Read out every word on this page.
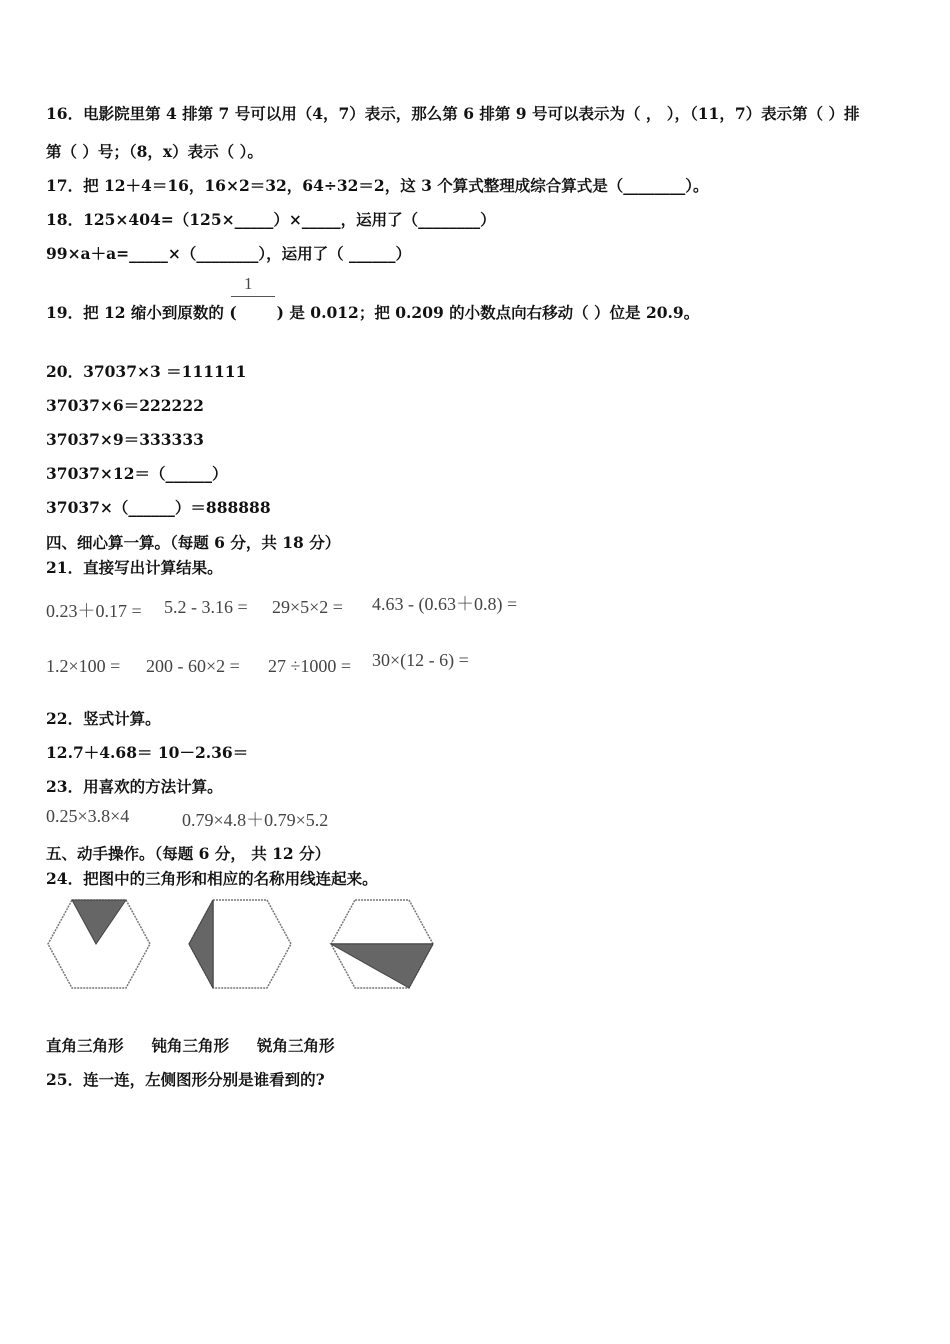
16．电影院里第 4 排第 7 号可以用（4，7）表示，那么第 6 排第 9 号可以表示为（ ， ），（11，7）表示第（ ）排
第（ ）号；（8，x）表示（ ）。
17．把 12＋4＝16，16×2＝32，64÷32＝2，这 3 个算式整理成综合算式是（________）。
18．125×404=（125×_____）×_____，运用了（________）
99×a＋a=_____×（________），运用了（ ______）
1
19．把 12 缩小到原数的 (	) 是 0.012；把 0.209 的小数点向右移动（ ）位是 20.9。
20．37037×3 ＝111111
37037×6＝222222
37037×9＝333333
37037×12＝（______）
37037×（______）＝888888
四、细心算一算。（每题 6 分，共 18 分）
21．直接写出计算结果。
0.23＋0.17 = 5.2 - 3.16 = 29×5×2 = 4.63 - (0.63＋0.8) =
1.2×100 = 200 - 60×2 = 27 ÷1000 = 30×(12 - 6) =
22．竖式计算。
12.7＋4.68＝ 10－2.36＝
23．用喜欢的方法计算。
0.25×3.8×4	0.79×4.8＋0.79×5.2
五、动手操作。（每题 6 分， 共 12 分）
24．把图中的三角形和相应的名称用线连起来。
直角三角形 钝角三角形 锐角三角形
25．连一连，左侧图形分别是谁看到的?
